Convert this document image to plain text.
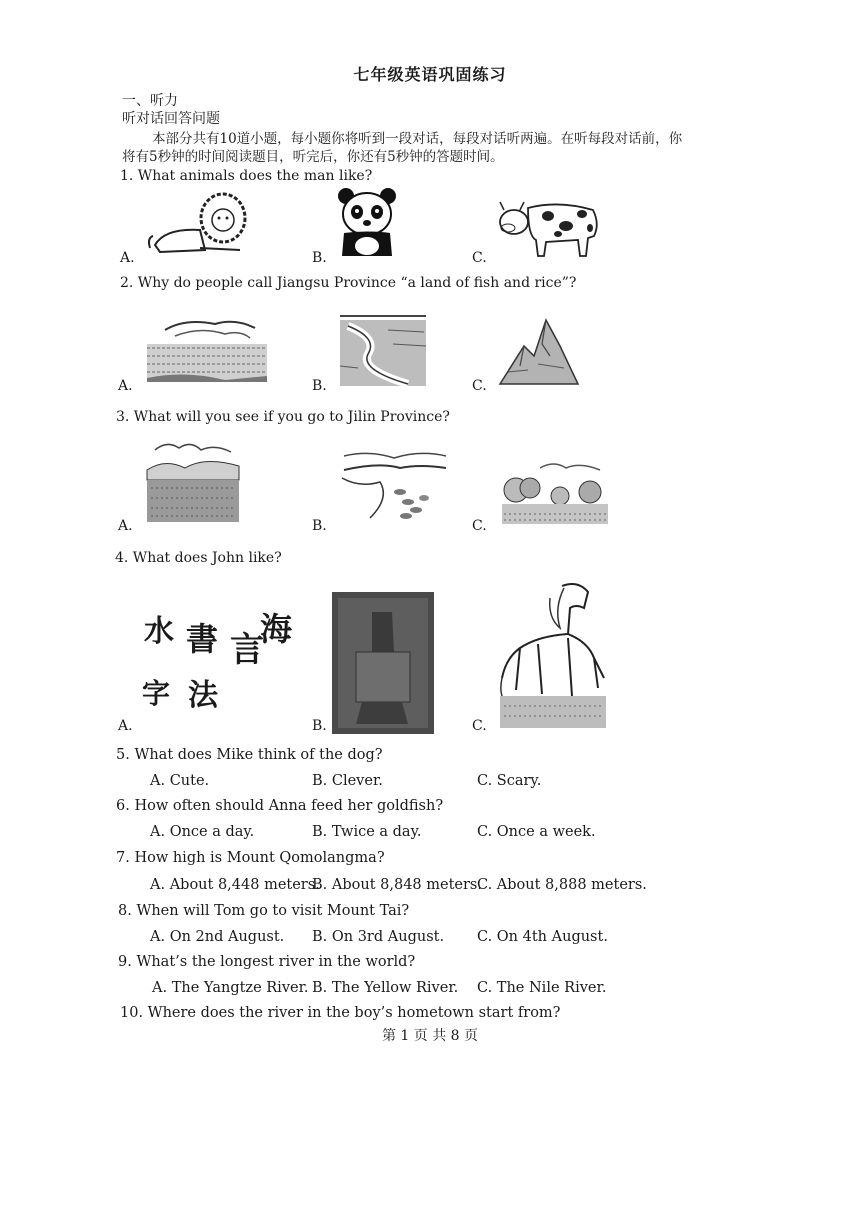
七年级英语巩固练习
一、听力
听对话回答问题
本部分共有10道小题，每小题你将听到一段对话，每段对话听两遍。在听每段对话前，你
将有5秒钟的时间阅读题目，听完后，你还有5秒钟的答题时间。
1. What animals does the man like?
A.	B.	C.
2. Why do people call Jiangsu Province “a land of fish and rice”?
A.	B.	C.
3. What will you see if you go to Jilin Province?
A.	B.	C.
4. What does John like?
A.	B.	C.
水
字
書
法
言
海
5. What does Mike think of the dog?
A. Cute.	B. Clever.	C. Scary.
6. How often should Anna feed her goldfish?
A. Once a day.	B. Twice a day.	C. Once a week.
7. How high is Mount Qomolangma?
A. About 8,448 meters.
B. About 8,848 meters.
C. About 8,888 meters.
8. When will Tom go to visit Mount Tai?
A. On 2nd August. B. On 3rd August. C. On 4th August.
9. What’s the longest river in the world?
A. The Yangtze River. B. The Yellow River. C. The Nile River.
10. Where does the river in the boy’s hometown start from?
第 1 页 共 8 页
